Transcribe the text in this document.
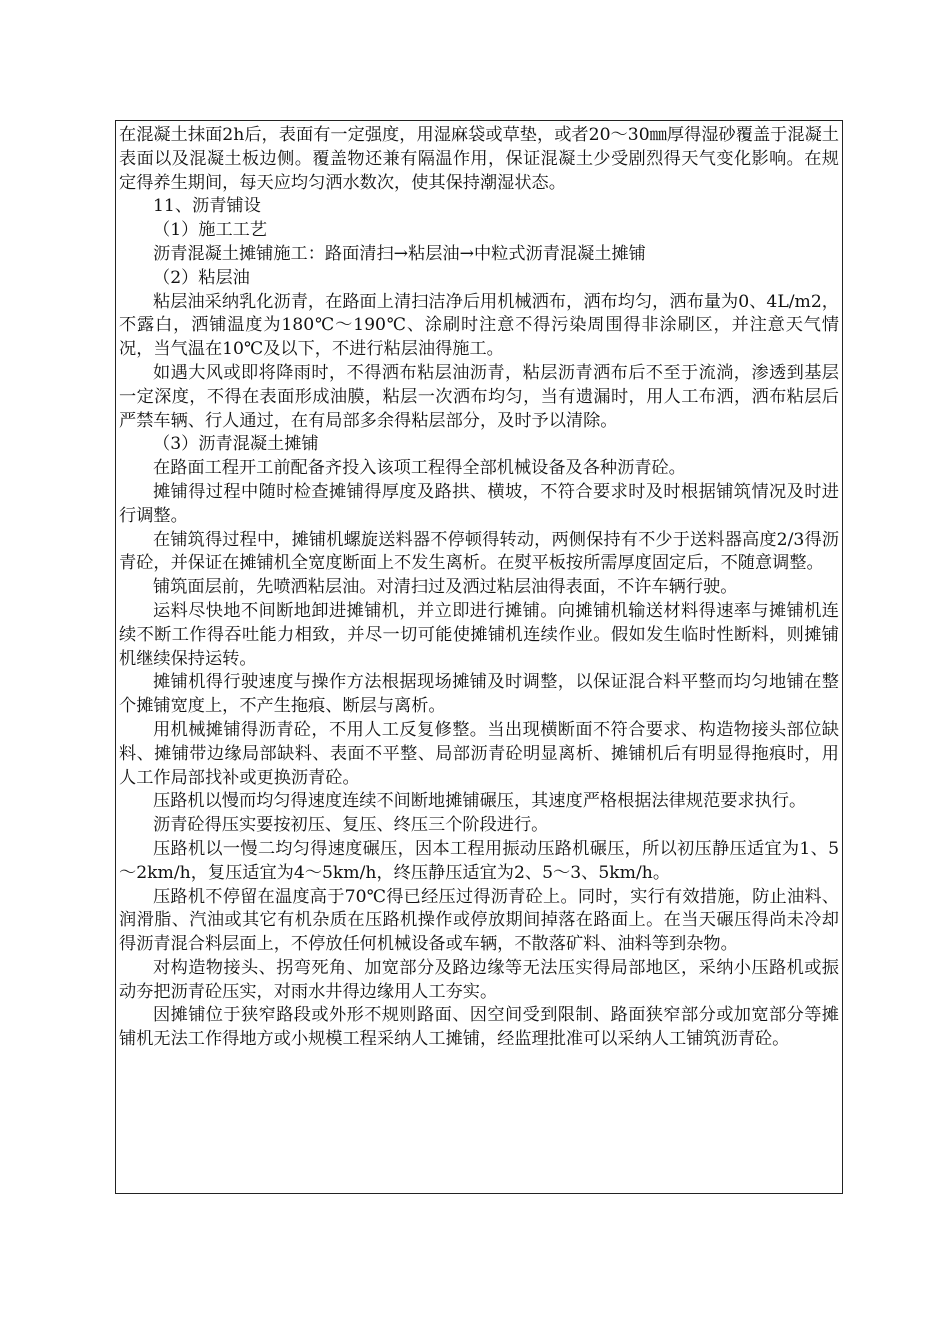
在混凝土抹面2h后，表面有一定强度，用湿麻袋或草垫，或者20～30㎜厚得湿砂覆盖于混凝土表面以及混凝土板边侧。覆盖物还兼有隔温作用，保证混凝土少受剧烈得天气变化影响。在规定得养生期间，每天应均匀洒水数次，使其保持潮湿状态。

11、沥青铺设

（1）施工工艺

沥青混凝土摊铺施工：路面清扫→粘层油→中粒式沥青混凝土摊铺

（2）粘层油

粘层油采纳乳化沥青，在路面上清扫洁净后用机械洒布，洒布均匀，洒布量为0、4L/m2，不露白，洒铺温度为180℃～190℃、涂刷时注意不得污染周围得非涂刷区，并注意天气情况，当气温在10℃及以下，不进行粘层油得施工。

如遇大风或即将降雨时，不得洒布粘层油沥青，粘层沥青洒布后不至于流淌，渗透到基层一定深度，不得在表面形成油膜，粘层一次洒布均匀，当有遗漏时，用人工布洒，洒布粘层后严禁车辆、行人通过，在有局部多余得粘层部分，及时予以清除。

（3）沥青混凝土摊铺

在路面工程开工前配备齐投入该项工程得全部机械设备及各种沥青砼。

摊铺得过程中随时检查摊铺得厚度及路拱、横坡，不符合要求时及时根据铺筑情况及时进行调整。

在铺筑得过程中，摊铺机螺旋送料器不停顿得转动，两侧保持有不少于送料器高度2/3得沥青砼，并保证在摊铺机全宽度断面上不发生离析。在熨平板按所需厚度固定后，不随意调整。

铺筑面层前，先喷洒粘层油。对清扫过及洒过粘层油得表面，不许车辆行驶。

运料尽快地不间断地卸进摊铺机，并立即进行摊铺。向摊铺机输送材料得速率与摊铺机连续不断工作得吞吐能力相致，并尽一切可能使摊铺机连续作业。假如发生临时性断料，则摊铺机继续保持运转。

摊铺机得行驶速度与操作方法根据现场摊铺及时调整，以保证混合料平整而均匀地铺在整个摊铺宽度上，不产生拖痕、断层与离析。

用机械摊铺得沥青砼，不用人工反复修整。当出现横断面不符合要求、构造物接头部位缺料、摊铺带边缘局部缺料、表面不平整、局部沥青砼明显离析、摊铺机后有明显得拖痕时，用人工作局部找补或更换沥青砼。

压路机以慢而均匀得速度连续不间断地摊铺碾压，其速度严格根据法律规范要求执行。

沥青砼得压实要按初压、复压、终压三个阶段进行。

压路机以一慢二均匀得速度碾压，因本工程用振动压路机碾压，所以初压静压适宜为1、5～2km/h，复压适宜为4～5km/h，终压静压适宜为2、5～3、5km/h。

压路机不停留在温度高于70℃得已经压过得沥青砼上。同时，实行有效措施，防止油料、润滑脂、汽油或其它有机杂质在压路机操作或停放期间掉落在路面上。在当天碾压得尚未冷却得沥青混合料层面上，不停放任何机械设备或车辆，不散落矿料、油料等到杂物。

对构造物接头、拐弯死角、加宽部分及路边缘等无法压实得局部地区，采纳小压路机或振动夯把沥青砼压实，对雨水井得边缘用人工夯实。

因摊铺位于狭窄路段或外形不规则路面、因空间受到限制、路面狭窄部分或加宽部分等摊铺机无法工作得地方或小规模工程采纳人工摊铺，经监理批准可以采纳人工铺筑沥青砼。
